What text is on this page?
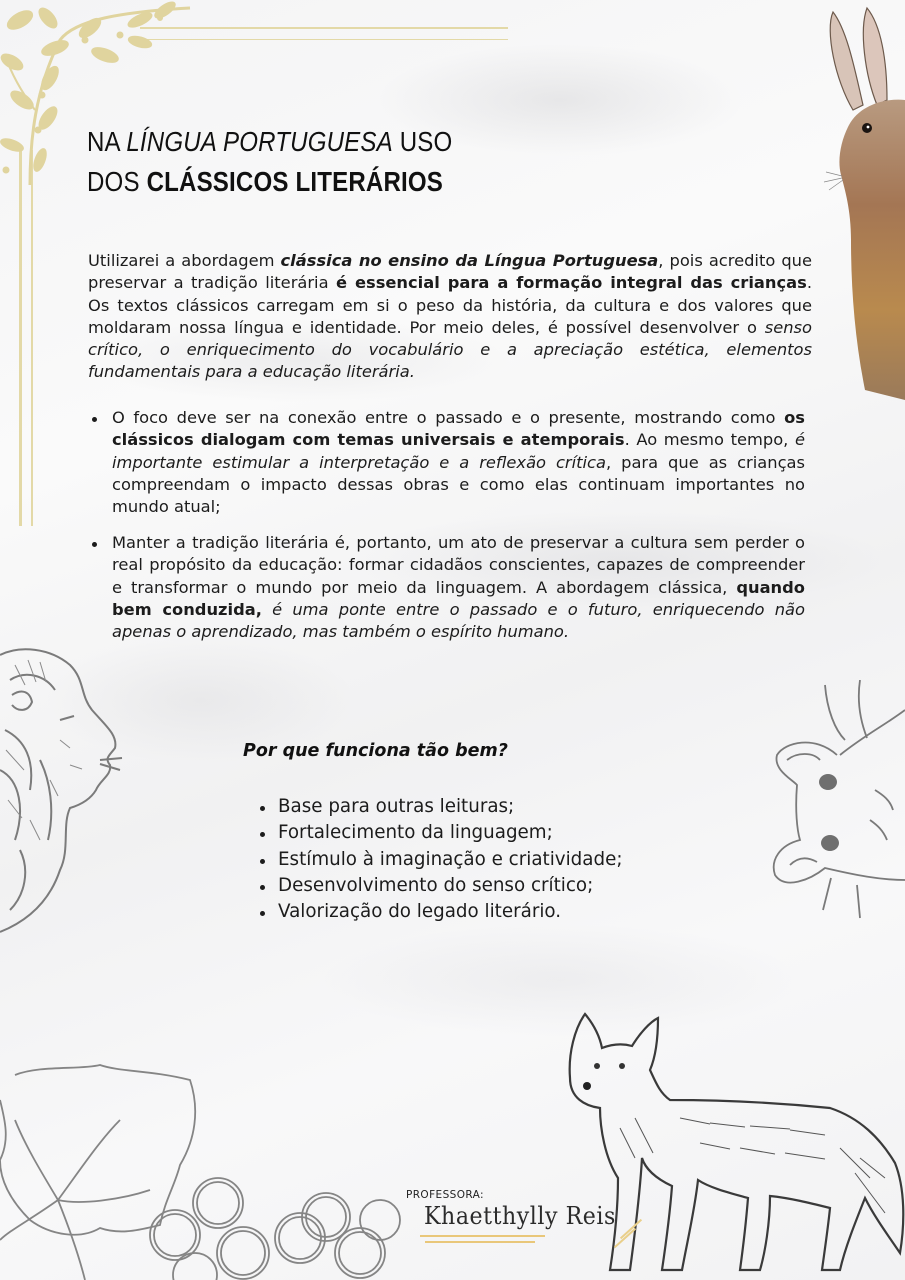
NA LÍNGUA PORTUGUESA USO
DOS CLÁSSICOS LITERÁRIOS

Utilizarei a abordagem clássica no ensino da Língua Portuguesa, pois acredito que preservar a tradição literária é essencial para a formação integral das crianças. Os textos clássicos carregam em si o peso da história, da cultura e dos valores que moldaram nossa língua e identidade. Por meio deles, é possível desenvolver o senso crítico, o enriquecimento do vocabulário e a apreciação estética, elementos fundamentais para a educação literária.

O foco deve ser na conexão entre o passado e o presente, mostrando como os clássicos dialogam com temas universais e atemporais. Ao mesmo tempo, é importante estimular a interpretação e a reflexão crítica, para que as crianças compreendam o impacto dessas obras e como elas continuam importantes no mundo atual;
Manter a tradição literária é, portanto, um ato de preservar a cultura sem perder o real propósito da educação: formar cidadãos conscientes, capazes de compreender e transformar o mundo por meio da linguagem. A abordagem clássica, quando bem conduzida, é uma ponte entre o passado e o futuro, enriquecendo não apenas o aprendizado, mas também o espírito humano.
Por que funciona tão bem?
Base para outras leituras;
Fortalecimento da linguagem;
Estímulo à imaginação e criatividade;
Desenvolvimento do senso crítico;
Valorização do legado literário.
PROFESSORA:
Khaetthylly Reis
